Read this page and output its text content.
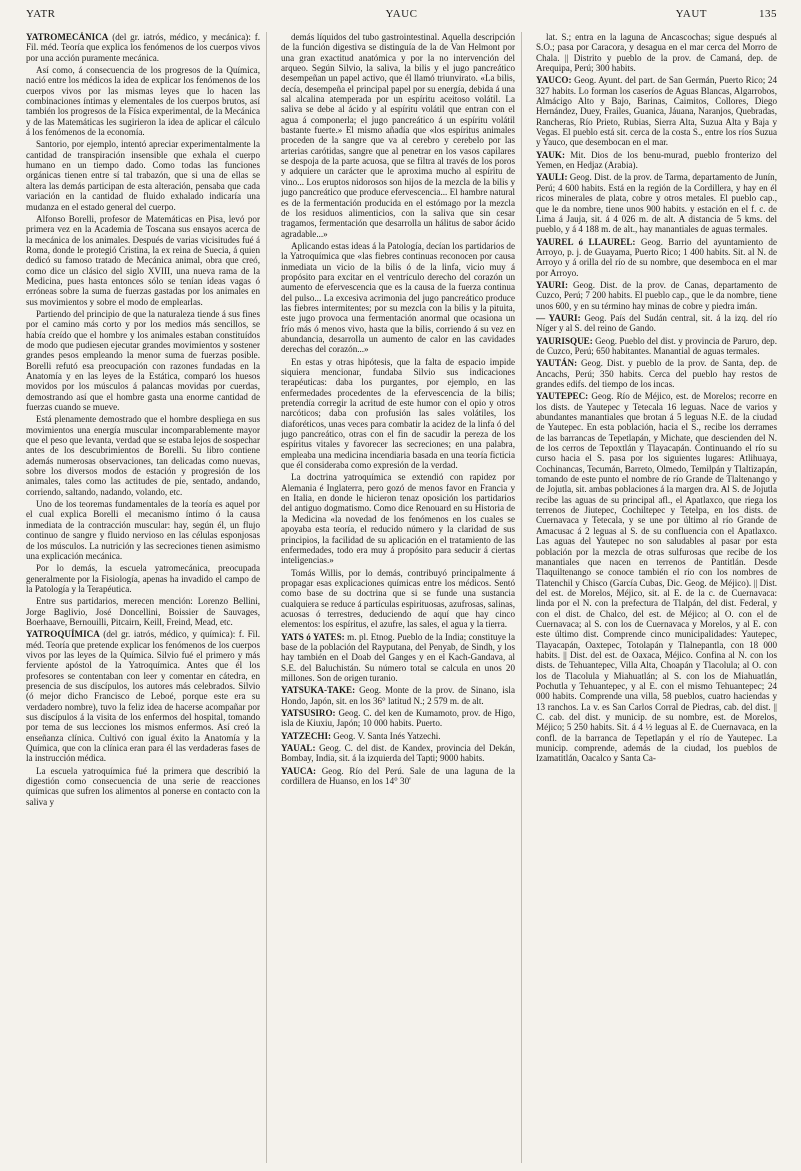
YATR	YAUC	YAUT	135

YATROMECÁNICA (del gr. iatrós, médico, y mecánica): f. Fil. méd. Teoría que explica los fenómenos de los cuerpos vivos por una acción puramente mecánica.

Así como, á consecuencia de los progresos de la Química, nació entre los médicos la idea de explicar los fenómenos de los cuerpos vivos por las mismas leyes que lo hacen las combinaciones íntimas y elementales de los cuerpos brutos, así también los progresos de la Física experimental, de la Mecánica y de las Matemáticas les sugirieron la idea de aplicar el cálculo á los fenómenos de la economía.

Santorio, por ejemplo, intentó apreciar experimentalmente la cantidad de transpiración insensible que exhala el cuerpo humano en un tiempo dado. Como todas las funciones orgánicas tienen entre sí tal trabazón, que si una de ellas se altera las demás participan de esta alteración, pensaba que cada variación en la cantidad de fluido exhalado indicaría una mudanza en el estado general del cuerpo.

Alfonso Borelli, profesor de Matemáticas en Pisa, levó por primera vez en la Academia de Toscana sus ensayos acerca de la mecánica de los animales. Después de varias vicisitudes fué á Roma, donde le protegió Cristina, la ex reina de Suecia, á quien dedicó su famoso tratado de Mecánica animal, obra que creó, como dice un clásico del siglo XVIII, una nueva rama de la Medicina, pues hasta entonces sólo se tenían ideas vagas ó erróneas sobre la suma de fuerzas gastadas por los animales en sus movimientos y sobre el modo de emplearlas.

Partiendo del principio de que la naturaleza tiende á sus fines por el camino más corto y por los medios más sencillos, se había creído que el hombre y los animales estaban constituídos de modo que pudiesen ejecutar grandes movimientos y sostener grandes pesos empleando la menor suma de fuerzas posible. Borelli refutó esa preocupación con razones fundadas en la Anatomía y en las leyes de la Estática, comparó los huesos movidos por los músculos á palancas movidas por cuerdas, demostrando así que el hombre gasta una enorme cantidad de fuerzas cuando se mueve.

Está plenamente demostrado que el hombre despliega en sus movimientos una energía muscular incomparablemente mayor que el peso que levanta, verdad que se estaba lejos de sospechar antes de los descubrimientos de Borelli. Su libro contiene además numerosas observaciones, tan delicadas como nuevas, sobre los diversos modos de estación y progresión de los animales, tales como las actitudes de pie, sentado, andando, corriendo, saltando, nadando, volando, etc.

Uno de los teoremas fundamentales de la teoría es aquel por el cual explica Borelli el mecanismo íntimo ó la causa inmediata de la contracción muscular: hay, según él, un flujo continuo de sangre y fluido nervioso en las células esponjosas de los músculos. La nutrición y las secreciones tienen asimismo una explicación mecánica.

Por lo demás, la escuela yatromecánica, preocupada generalmente por la Fisiología, apenas ha invadido el campo de la Patología y la Terapéutica.

Entre sus partidarios, merecen mención: Lorenzo Bellini, Jorge Baglivio, José Doncellini, Boissier de Sauvages, Boerhaave, Bernouilli, Pitcairn, Keill, Freind, Mead, etc.

YATROQUÍMICA (del gr. iatrós, médico, y química): f. Fil. méd. Teoría que pretende explicar los fenómenos de los cuerpos vivos por las leyes de la Química. Silvio fué el primero y más ferviente apóstol de la Yatroquímica. Antes que él los profesores se contentaban con leer y comentar en cátedra, en presencia de sus discípulos, los autores más celebrados. Silvio (ó mejor dicho Francisco de Leboé, porque este era su verdadero nombre), tuvo la feliz idea de hacerse acompañar por sus discípulos á la visita de los enfermos del hospital, tomando por tema de sus lecciones los mismos enfermos. Así creó la enseñanza clínica. Cultivó con igual éxito la Anatomía y la Química, que con la clínica eran para él las verdaderas fases de la instrucción médica.

La escuela yatroquímica fué la primera que describió la digestión como consecuencia de una serie de reacciones químicas que sufren los alimentos al ponerse en contacto con la saliva y

demás líquidos del tubo gastrointestinal. Aquella descripción de la función digestiva se distinguía de la de Van Helmont por una gran exactitud anatómica y por la no intervención del arqueo. Según Silvio, la saliva, la bilis y el jugo pancreático desempeñan un papel activo, que él llamó triunvirato. «La bilis, decía, desempeña el principal papel por su energía, debida á una sal alcalina atemperada por un espíritu aceitoso volátil. La saliva se debe al ácido y al espíritu volátil que entran con el agua á componerla; el jugo pancreático á un espíritu volátil bastante fuerte.» El mismo añadía que «los espíritus animales proceden de la sangre que va al cerebro y cerebelo por las arterias carótidas, sangre que al penetrar en los vasos capilares se despoja de la parte acuosa, que se filtra al través de los poros y adquiere un carácter que le aproxima mucho al espíritu de vino... Los eruptos nidorosos son hijos de la mezcla de la bilis y jugo pancreático que produce efervescencia... El hambre natural es de la fermentación producida en el estómago por la mezcla de los residuos alimenticios, con la saliva que sin cesar tragamos, fermentación que desarrolla un hálitus de sabor ácido agradable...»

Aplicando estas ideas á la Patología, decían los partidarios de la Yatroquímica que «las fiebres continuas reconocen por causa inmediata un vicio de la bilis ó de la linfa, vicio muy á propósito para excitar en el ventrículo derecho del corazón un aumento de efervescencia que es la causa de la fuerza continua del pulso... La excesiva acrimonia del jugo pancreático produce las fiebres intermitentes; por su mezcla con la bilis y la pituita, este jugo provoca una fermentación anormal que ocasiona un frío más ó menos vivo, hasta que la bilis, corriendo á su vez en abundancia, desarrolla un aumento de calor en las cavidades derechas del corazón...»

En estas y otras hipótesis, que la falta de espacio impide siquiera mencionar, fundaba Silvio sus indicaciones terapéuticas: daba los purgantes, por ejemplo, en las enfermedades procedentes de la efervescencia de la bilis; pretendía corregir la acritud de este humor con el opio y otros narcóticos; daba con profusión las sales volátiles, los diaforéticos, unas veces para combatir la acidez de la linfa ó del jugo pancreático, otras con el fin de sacudir la pereza de los espíritus vitales y favorecer las secreciones; en una palabra, empleaba una medicina incendiaria basada en una teoría ficticia que él consideraba como expresión de la verdad.

La doctrina yatroquímica se extendió con rapidez por Alemania é Inglaterra, pero gozó de menos favor en Francia y en Italia, en donde le hicieron tenaz oposición los partidarios del antiguo dogmatismo. Como dice Renouard en su Historia de la Medicina «la novedad de los fenómenos en los cuales se apoyaba esta teoría, el reducido número y la claridad de sus principios, la facilidad de su aplicación en el tratamiento de las enfermedades, todo era muy á propósito para seducir á ciertas inteligencias.»

Tomás Willis, por lo demás, contribuyó principalmente á propagar esas explicaciones químicas entre los médicos. Sentó como base de su doctrina que si se funde una sustancia cualquiera se reduce á partículas espirituosas, azufrosas, salinas, acuosas ó terrestres, deduciendo de aquí que hay cinco elementos: los espíritus, el azufre, las sales, el agua y la tierra.

YATS ó YATES: m. pl. Etnog. Pueblo de la India; constituye la base de la población del Rayputana, del Penyab, de Sindh, y los hay también en el Doab del Ganges y en el Kach-Gandava, al S.E. del Baluchistán. Su número total se calcula en unos 20 millones. Son de origen turanio.

YATSUKA-TAKE: Geog. Monte de la prov. de Sinano, isla Hondo, Japón, sit. en los 36° latitud N.; 2 579 m. de alt.

YATSUSIRO: Geog. C. del ken de Kumamoto, prov. de Higo, isla de Kiuxiu, Japón; 10 000 habits. Puerto.

YATZECHI: Geog. V. Santa Inés Yatzechi.

YAUAL: Geog. C. del dist. de Kandex, provincia del Dekán, Bombay, India, sit. á la izquierda del Tapti; 9000 habits.

YAUCA: Geog. Río del Perú. Sale de una laguna de la cordillera de Huanso, en los 14° 30'

lat. S.; entra en la laguna de Ancascochas; sigue después al S.O.; pasa por Caracora, y desagua en el mar cerca del Morro de Chala. || Distrito y pueblo de la prov. de Camaná, dep. de Arequipa, Perú; 300 habits.

YAUCO: Geog. Ayunt. del part. de San Germán, Puerto Rico; 24 327 habits. Lo forman los caseríos de Aguas Blancas, Algarrobos, Almácigo Alto y Bajo, Barinas, Caimitos, Collores, Diego Hernández, Duey, Frailes, Guanica, Jáuana, Naranjos, Quebradas, Rancheras, Río Prieto, Rubias, Sierra Alta, Suzua Alta y Baja y Vegas. El pueblo está sit. cerca de la costa S., entre los ríos Suzua y Yauco, que desembocan en el mar.

YAUK: Mit. Dios de los benu-murad, pueblo fronterizo del Yemen, en Hedjaz (Arabia).

YAULI: Geog. Dist. de la prov. de Tarma, departamento de Junín, Perú; 4 600 habits. Está en la región de la Cordillera, y hay en él ricos minerales de plata, cobre y otros metales. El pueblo cap., que le da nombre, tiene unos 900 habits. y estación en el f. c. de Lima á Jauja, sit. á 4 026 m. de alt. A distancia de 5 kms. del pueblo, y á 4 188 m. de alt., hay manantiales de aguas termales.

YAUREL ó LLAUREL: Geog. Barrio del ayuntamiento de Arroyo, p. j. de Guayama, Puerto Rico; 1 400 habits. Sit. al N. de Arroyo y á orilla del río de su nombre, que desemboca en el mar por Arroyo.

YAURI: Geog. Dist. de la prov. de Canas, departamento de Cuzco, Perú; 7 200 habits. El pueblo cap., que le da nombre, tiene unos 600, y en su término hay minas de cobre y piedra imán.

— YAURI: Geog. País del Sudán central, sit. á la izq. del río Níger y al S. del reino de Gando.

YAURISQUE: Geog. Pueblo del dist. y provincia de Paruro, dep. de Cuzco, Perú; 650 habitantes. Manantial de aguas termales.

YAUTÁN: Geog. Dist. y pueblo de la prov. de Santa, dep. de Ancachs, Perú; 350 habits. Cerca del pueblo hay restos de grandes edifs. del tiempo de los incas.

YAUTEPEC: Geog. Río de Méjico, est. de Morelos; recorre en los dists. de Yautepec y Tetecala 16 leguas. Nace de varios y abundantes manantiales que brotan á 5 leguas N.E. de la ciudad de Yautepec. En esta población, hacia el S., recibe los derrames de las barrancas de Tepetlapán, y Michate, que descienden del N. de los cerros de Tepoxtlán y Tlayacapán. Continuando el río su curso hacia el S. pasa por los siguientes lugares: Atlihuaya, Cochinancas, Tecumán, Barreto, Olmedo, Temilpán y Tlaltizapán, tomando de este punto el nombre de río Grande de Tlaltenango y de Jojutla, sit. ambas poblaciones á la margen dra. Al S. de Jojutla recibe las aguas de su principal afl., el Apatlaxco, que riega los terrenos de Jiutepec, Cochiltepec y Tetelpa, en los dists. de Cuernavaca y Tetecala, y se une por último al río Grande de Amacusac á 2 leguas al S. de su confluencia con el Apatlaxco. Las aguas del Yautepec no son saludables al pasar por esta población por la mezcla de otras sulfurosas que recibe de los manantiales que nacen en terrenos de Pantitlán. Desde Tlaquiltenango se conoce también el río con los nombres de Tlatenchil y Chisco (García Cubas, Dic. Geog. de Méjico). || Dist. del est. de Morelos, Méjico, sit. al E. de la c. de Cuernavaca: linda por el N. con la prefectura de Tlalpán, del dist. Federal, y con el dist. de Chalco, del est. de Méjico; al O. con el de Cuernavaca; al S. con los de Cuernavaca y Morelos, y al E. con este último dist. Comprende cinco municipalidades: Yautepec, Tlayacapán, Oaxtepec, Totolapán y Tlalnepantla, con 18 000 habits. || Dist. del est. de Oaxaca, Méjico. Confina al N. con los dists. de Tehuantepec, Villa Alta, Choapán y Tlacolula; al O. con los de Tlacolula y Miahuatlán; al S. con los de Miahuatlán, Pochutla y Tehuantepec, y al E. con el mismo Tehuantepec; 24 000 habits. Comprende una villa, 58 pueblos, cuatro haciendas y 13 ranchos. La v. es San Carlos Corral de Piedras, cab. del dist. || C. cab. del dist. y municip. de su nombre, est. de Morelos, Méjico; 5 250 habits. Sit. á 4 ½ leguas al E. de Cuernavaca, en la confl. de la barranca de Tepetlapán y el río de Yautepec. La municip. comprende, además de la ciudad, los pueblos de Izamatitlán, Oacalco y Santa Ca-
